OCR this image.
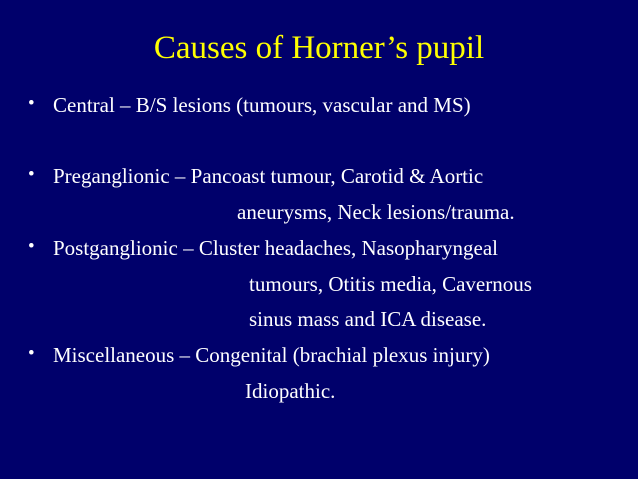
Causes of Horner’s pupil
• Central – B/S lesions (tumours, vascular and MS)
• Preganglionic – Pancoast tumour, Carotid & Aortic
aneurysms, Neck lesions/trauma.
• Postganglionic – Cluster headaches, Nasopharyngeal
tumours, Otitis media, Cavernous
sinus mass and ICA disease.
• Miscellaneous – Congenital (brachial plexus injury)
Idiopathic.
